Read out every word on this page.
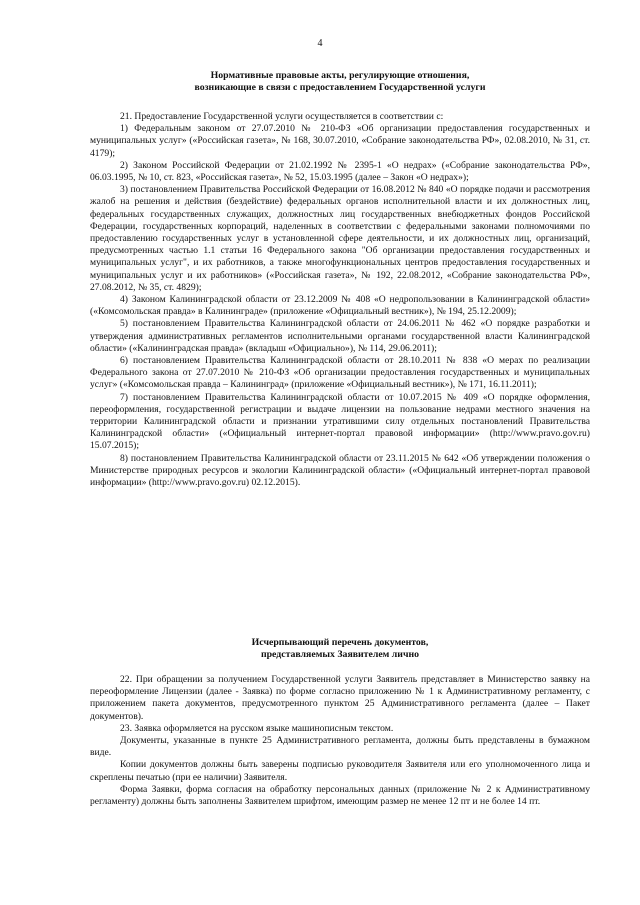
4
Нормативные правовые акты, регулирующие отношения,
возникающие в связи с предоставлением Государственной услуги

21. Предоставление Государственной услуги осуществляется в соответствии с:

1) Федеральным законом от 27.07.2010 № 210-ФЗ «Об организации предоставления государственных и муниципальных услуг» («Российская газета», № 168, 30.07.2010, «Собрание законодательства РФ», 02.08.2010, № 31, ст. 4179);

2) Законом Российской Федерации от 21.02.1992 № 2395-1 «О недрах» («Собрание законодательства РФ», 06.03.1995, № 10, ст. 823, «Российская газета», № 52, 15.03.1995 (далее – Закон «О недрах»);

3) постановлением Правительства Российской Федерации от 16.08.2012 № 840 «О порядке подачи и рассмотрения жалоб на решения и действия (бездействие) федеральных органов исполнительной власти и их должностных лиц, федеральных государственных служащих, должностных лиц государственных внебюджетных фондов Российской Федерации, государственных корпораций, наделенных в соответствии с федеральными законами полномочиями по предоставлению государственных услуг в установленной сфере деятельности, и их должностных лиц, организаций, предусмотренных частью 1.1 статьи 16 Федерального закона "Об организации предоставления государственных и муниципальных услуг", и их работников, а также многофункциональных центров предоставления государственных и муниципальных услуг и их работников» («Российская газета», № 192, 22.08.2012, «Собрание законодательства РФ», 27.08.2012, № 35, ст. 4829);

4) Законом Калининградской области от 23.12.2009 № 408 «О недропользовании в Калининградской области» («Комсомольская правда» в Калининграде» (приложение «Официальный вестник»), № 194, 25.12.2009);

5) постановлением Правительства Калининградской области от 24.06.2011 № 462 «О порядке разработки и утверждения административных регламентов исполнительными органами государственной власти Калининградской области» («Калининградская правда» (вкладыш «Официально»), № 114, 29.06.2011);

6) постановлением Правительства Калининградской области от 28.10.2011 № 838 «О мерах по реализации Федерального закона от 27.07.2010 № 210-ФЗ «Об организации предоставления государственных и муниципальных услуг» («Комсомольская правда – Калининград» (приложение «Официальный вестник»), № 171, 16.11.2011);

7) постановлением Правительства Калининградской области от 10.07.2015 № 409 «О порядке оформления, переоформления, государственной регистрации и выдаче лицензии на пользование недрами местного значения на территории Калининградской области и признании утратившими силу отдельных постановлений Правительства Калининградской области» («Официальный интернет-портал правовой информации» (http://www.pravo.gov.ru) 15.07.2015);

8) постановлением Правительства Калининградской области от 23.11.2015 № 642 «Об утверждении положения о Министерстве природных ресурсов и экологии Калининградской области» («Официальный интернет-портал правовой информации» (http://www.pravo.gov.ru) 02.12.2015).

Исчерпывающий перечень документов,
представляемых Заявителем лично

22. При обращении за получением Государственной услуги Заявитель представляет в Министерство заявку на переоформление Лицензии (далее - Заявка) по форме согласно приложению № 1 к Административному регламенту, с приложением пакета документов, предусмотренного пунктом 25 Административного регламента (далее – Пакет документов).

23. Заявка оформляется на русском языке машинописным текстом.

Документы, указанные в пункте 25 Административного регламента, должны быть представлены в бумажном виде.

Копии документов должны быть заверены подписью руководителя Заявителя или его уполномоченного лица и скреплены печатью (при ее наличии) Заявителя.

Форма Заявки, форма согласия на обработку персональных данных (приложение № 2 к Административному регламенту) должны быть заполнены Заявителем шрифтом, имеющим размер не менее 12 пт и не более 14 пт.
